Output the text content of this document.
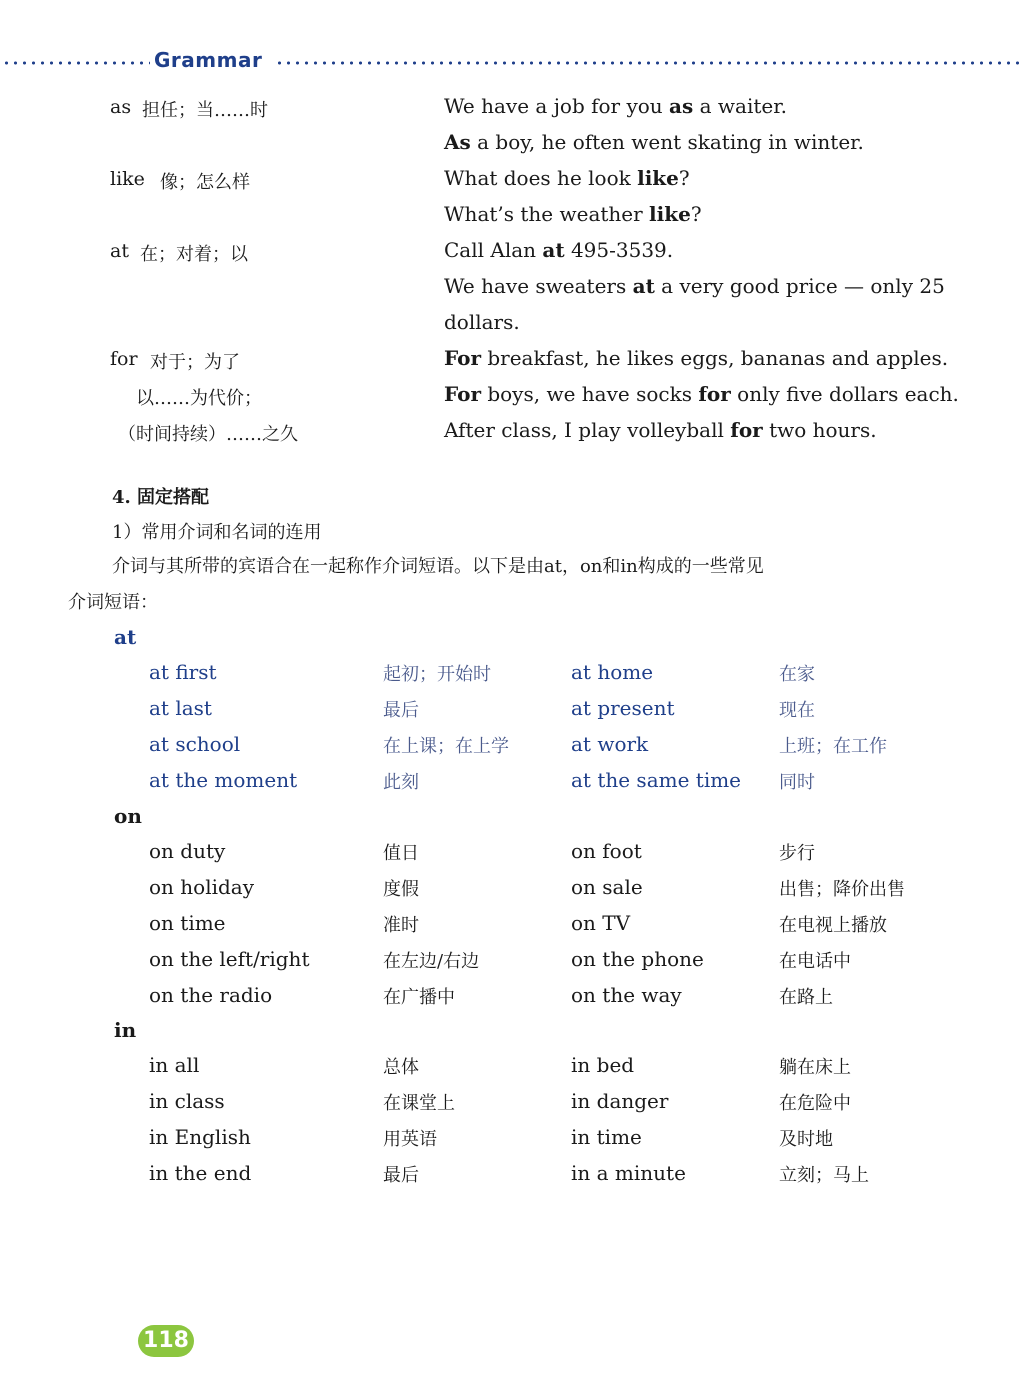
Grammar
as 担任；当……时	We have a job for you as a waiter.
As a boy, he often went skating in winter.
like 像；怎么样	What does he look like?
What’s the weather like?
at 在；对着；以	Call Alan at 495-3539.
We have sweaters at a very good price — only 25
dollars.
for 对于；为了	For breakfast, he likes eggs, bananas and apples.
以……为代价；	For boys, we have socks for only five dollars each.
（时间持续）……之久	After class, I play volleyball for two hours.
4. 固定搭配
1）常用介词和名词的连用
介词与其所带的宾语合在一起称作介词短语。以下是由at，on和in构成的一些常见
介词短语：
at
at first	起初；开始时	at home	在家
at last	最后	at present	现在
at school	在上课；在上学	at work	上班；在工作
at the moment	此刻	at the same time 同时
on
on duty	值日	on foot	步行
on holiday	度假	on sale	出售；降价出售
on time	准时	on TV	在电视上播放
on the left/right	在左边/右边	on the phone	在电话中
on the radio	在广播中	on the way	在路上
in
in all	总体	in bed	躺在床上
in class	在课堂上	in danger	在危险中
in English	用英语	in time	及时地
in the end	最后	in a minute	立刻；马上
118
